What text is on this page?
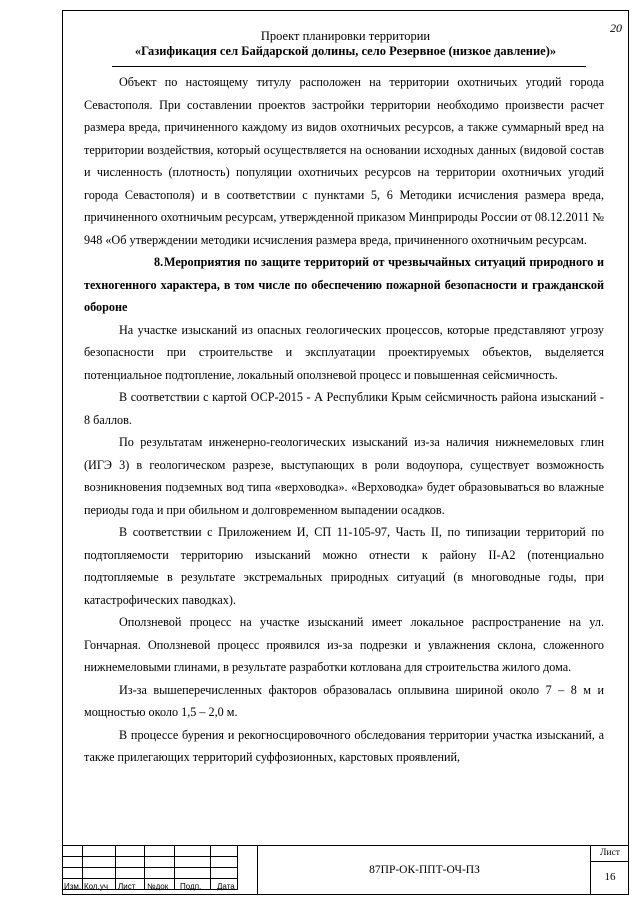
20
Проект планировки территории
«Газификация сел Байдарской долины, село Резервное (низкое давление)»

Объект по настоящему титулу расположен на территории охотничьих угодий города Севастополя. При составлении проектов застройки территории необходимо произвести расчет размера вреда, причиненного каждому из видов охотничьих ресурсов, а также суммарный вред на территории воздействия, который осуществляется на основании исходных данных (видовой состав и численность (плотность) популяции охотничьих ресурсов на территории охотничьих угодий города Севастополя) и в соответствии с пунктами 5, 6 Методики исчисления размера вреда, причиненного охотничьим ресурсам, утвержденной приказом Минприроды России от 08.12.2011 № 948 «Об утверждении методики исчисления размера вреда, причиненного охотничьим ресурсам.

8.Мероприятия по защите территорий от чрезвычайных ситуаций природного и техногенного характера, в том числе по обеспечению пожарной безопасности и гражданской обороне

На участке изысканий из опасных геологических процессов, которые представляют угрозу безопасности при строительстве и эксплуатации проектируемых объектов, выделяется потенциальное подтопление, локальный оползневой процесс и повышенная сейсмичность.

В соответствии с картой ОСР-2015 - А Республики Крым сейсмичность района изысканий - 8 баллов.

По результатам инженерно-геологических изысканий из-за наличия нижнемеловых глин (ИГЭ 3) в геологическом разрезе, выступающих в роли водоупора, существует возможность возникновения подземных вод типа «верховодка». «Верховодка» будет образовываться во влажные периоды года и при обильном и долговременном выпадении осадков.

В соответствии с Приложением И, СП 11-105-97, Часть II, по типизации территорий по подтопляемости территорию изысканий можно отнести к району II-А2 (потенциально подтопляемые в результате экстремальных природных ситуаций (в многоводные годы, при катастрофических паводках).

Оползневой процесс на участке изысканий имеет локальное распространение на ул. Гончарная. Оползневой процесс проявился из-за подрезки и увлажнения склона, сложенного нижнемеловыми глинами, в результате разработки котлована для строительства жилого дома.

Из-за вышеперечисленных факторов образовалась оплывина шириной около 7 – 8 м и мощностью около 1,5 – 2,0 м.

В процессе бурения и рекогносцировочного обследования территории участка изысканий, а также прилегающих территорий суффозионных, карстовых проявлений,

Изм. Кол.уч Лист №док Подп. Дата
87ПР-ОК-ППТ-ОЧ-ПЗ
Лист
16
